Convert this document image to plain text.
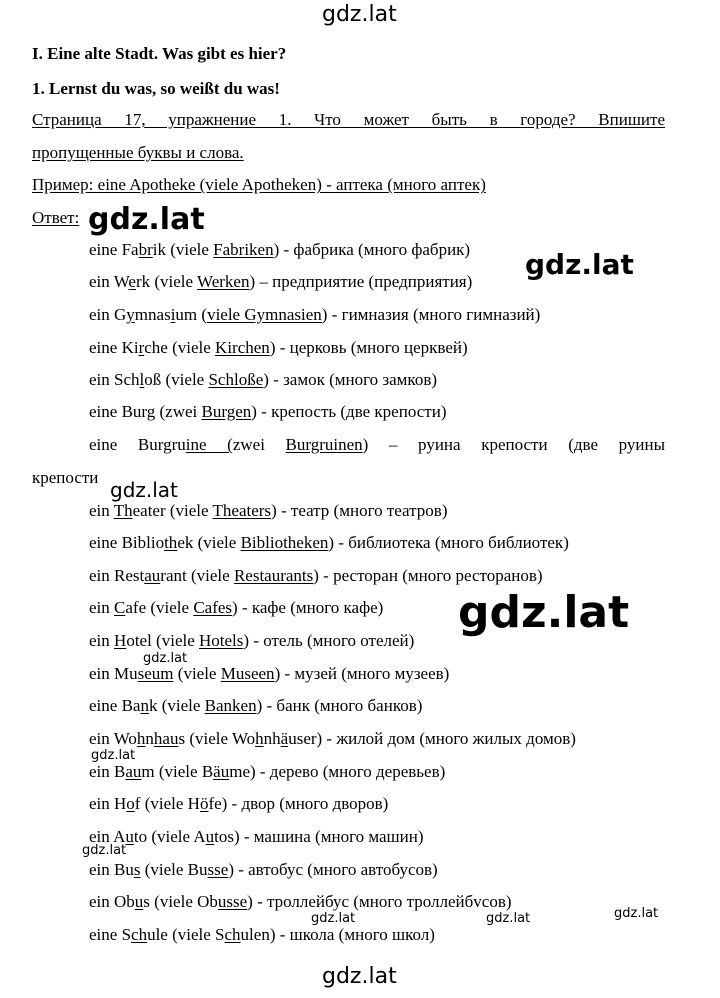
gdz.lat
gdz.lat
gdz.lat
gdz.lat
gdz.lat
gdz.lat
gdz.lat
gdz.lat
gdz.lat	gdz.lat	gdz.lat
gdz.lat
I. Eine alte Stadt. Was gibt es hier?
1. Lernst du was, so weißt du was!
Страница 17, упражнение 1. Что может быть в городе? Впишите
пропущенные буквы и слова.
Пример: eine Apotheke (viele Apotheken) - аптека (много аптек)
Ответ:
eine Fabrik (viele Fabriken) - фабрика (много фабрик)
ein Werk (viele Werken) – предприятие (предприятия)
ein Gymnasium (viele Gymnasien) - гимназия (много гимназий)
eine Kirche (viele Kirchen) - церковь (много церквей)
ein Schloß (viele Schloße) - замок (много замков)
eine Burg (zwei Burgen) - крепость (две крепости)
eine Burgruine (zwei Burgruinen) – руина крепости (две руины
крепости
ein Theater (viele Theaters) - театр (много театров)
eine Bibliothek (viele Bibliotheken) - библиотека (много библиотек)
ein Restaurant (viele Restaurants) - ресторан (много ресторанов)
ein Cafe (viele Cafes) - кафе (много кафе)
ein Hotel (viele Hotels) - отель (много отелей)
ein Museum (viele Museen) - музей (много музеев)
eine Bank (viele Banken) - банк (много банков)
ein Wohnhaus (viele Wohnhäuser) - жилой дом (много жилых домов)
ein Baum (viele Bäume) - дерево (много деревьев)
ein Hof (viele Höfe) - двор (много дворов)
ein Auto (viele Autos) - машина (много машин)
ein Bus (viele Busse) - автобус (много автобусов)
ein Obus (viele Obusse) - троллейбус (много троллейбvсов)
eine Schule (viele Schulen) - школа (много школ)
